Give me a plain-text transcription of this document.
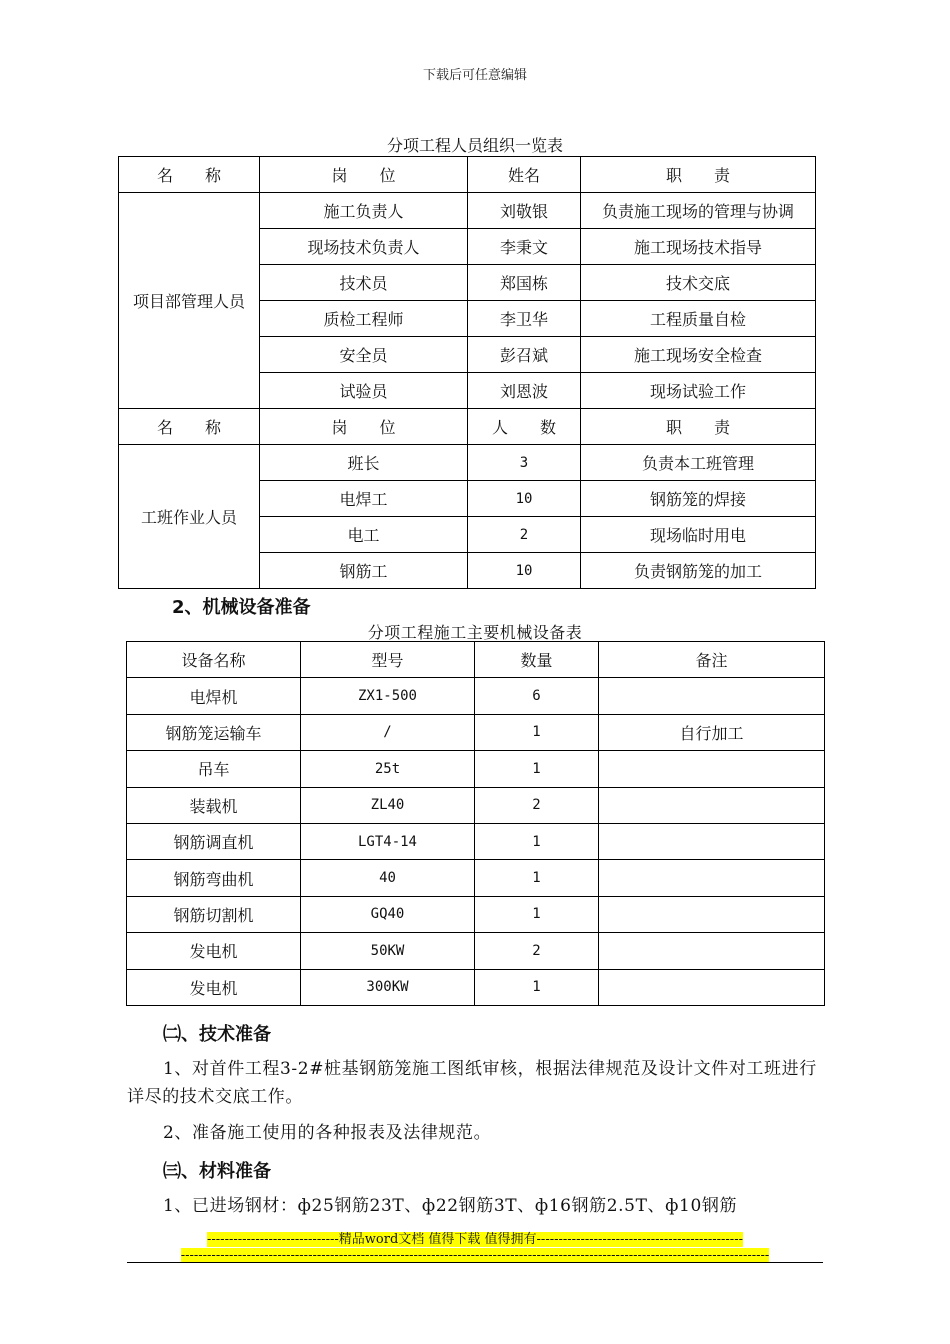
下载后可任意编辑
分项工程人员组织一览表
名　　称	岗　　位	姓名	职　　责
项目部管理人员	施工负责人	刘敬银	负责施工现场的管理与协调
	现场技术负责人	李秉文	施工现场技术指导
	技术员	郑国栋	技术交底
	质检工程师	李卫华	工程质量自检
	安全员	彭召斌	施工现场安全检查
	试验员	刘恩波	现场试验工作
名　　称	岗　　位	人　　数	职　　责
工班作业人员	班长	3	负责本工班管理
	电焊工	10	钢筋笼的焊接
	电工	2	现场临时用电
	钢筋工	10	负责钢筋笼的加工
2、机械设备准备
分项工程施工主要机械设备表
设备名称	型号	数量	备注
电焊机	ZX1-500	6	
钢筋笼运输车	/	1	自行加工
吊车	25t	1	
装载机	ZL40	2	
钢筋调直机	LGT4-14	1	
钢筋弯曲机	40	1	
钢筋切割机	GQ40	1	
发电机	50KW	2	
发电机	300KW	1	
㈡、技术准备
1、对首件工程3-2#桩基钢筋笼施工图纸审核，根据法律规范及设计文件对工班进行详尽的技术交底工作。
2、准备施工使用的各种报表及法律规范。
㈢、材料准备
1、已进场钢材：ф25钢筋23T、ф22钢筋3T、ф16钢筋2.5T、ф10钢筋
------------------------------精品word文档 值得下载 值得拥有-----------------------------------------------
--------------------------------------------------------------------------------------------------------------------------------------
